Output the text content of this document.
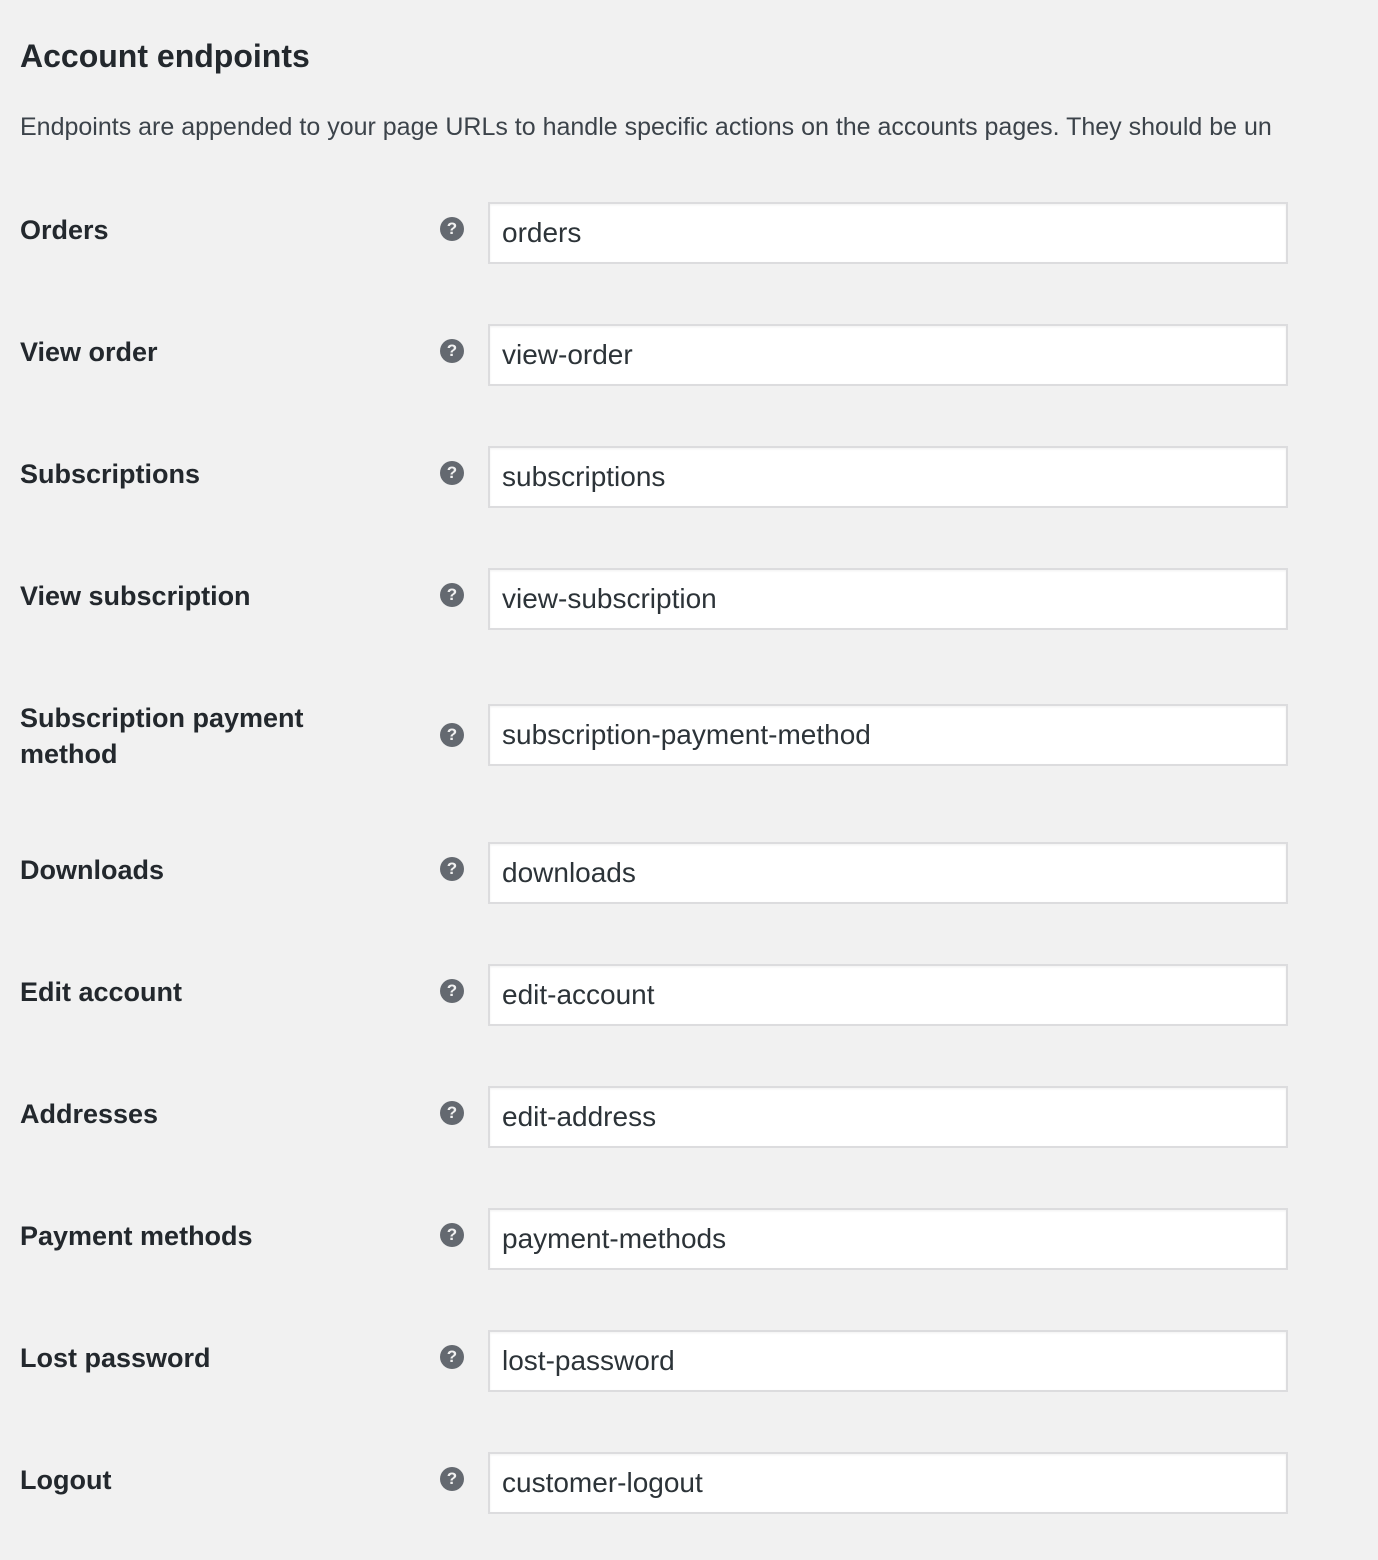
Account endpoints

Endpoints are appended to your page URLs to handle specific actions on the accounts pages. They should be un

Orders	?
orders
View order	?
view-order
Subscriptions	?
subscriptions
View subscription	?
view-subscription
Subscription payment method
?
subscription-payment-method
Downloads	?
downloads
Edit account	?
edit-account
Addresses	?
edit-address
Payment methods	?
payment-methods
Lost password	?
lost-password
Logout	?
customer-logout
